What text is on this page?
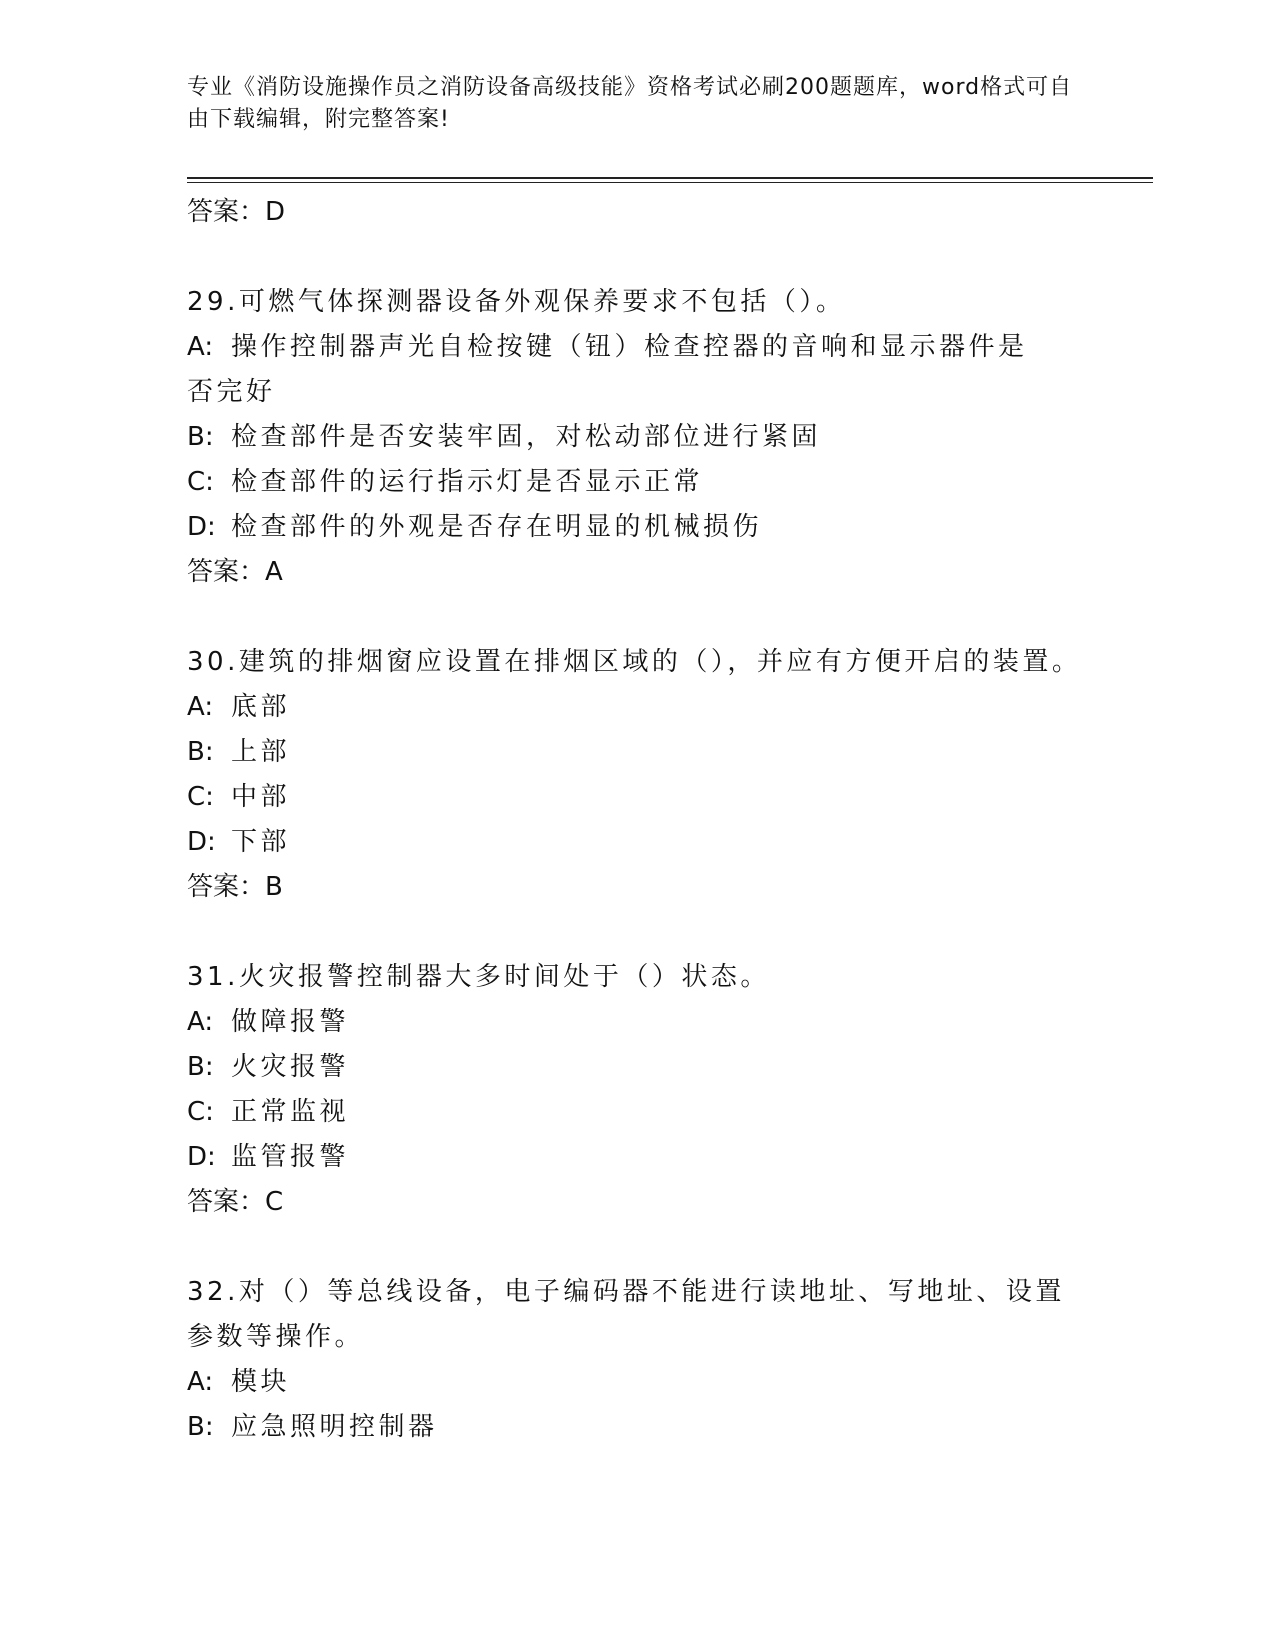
专业《消防设施操作员之消防设备高级技能》资格考试必刷200题题库，word格式可自由下载编辑，附完整答案!
答案：D
29.可燃气体探测器设备外观保养要求不包括（）。
A: 操作控制器声光自检按键（钮）检查控器的音响和显示器件是否完好
B: 检查部件是否安装牢固，对松动部位进行紧固
C: 检查部件的运行指示灯是否显示正常
D: 检查部件的外观是否存在明显的机械损伤
答案：A
30.建筑的排烟窗应设置在排烟区域的（），并应有方便开启的装置。
A: 底部
B: 上部
C: 中部
D: 下部
答案：B
31.火灾报警控制器大多时间处于（）状态。
A: 做障报警
B: 火灾报警
C: 正常监视
D: 监管报警
答案：C
32.对（）等总线设备，电子编码器不能进行读地址、写地址、设置参数等操作。
A: 模块
B: 应急照明控制器
